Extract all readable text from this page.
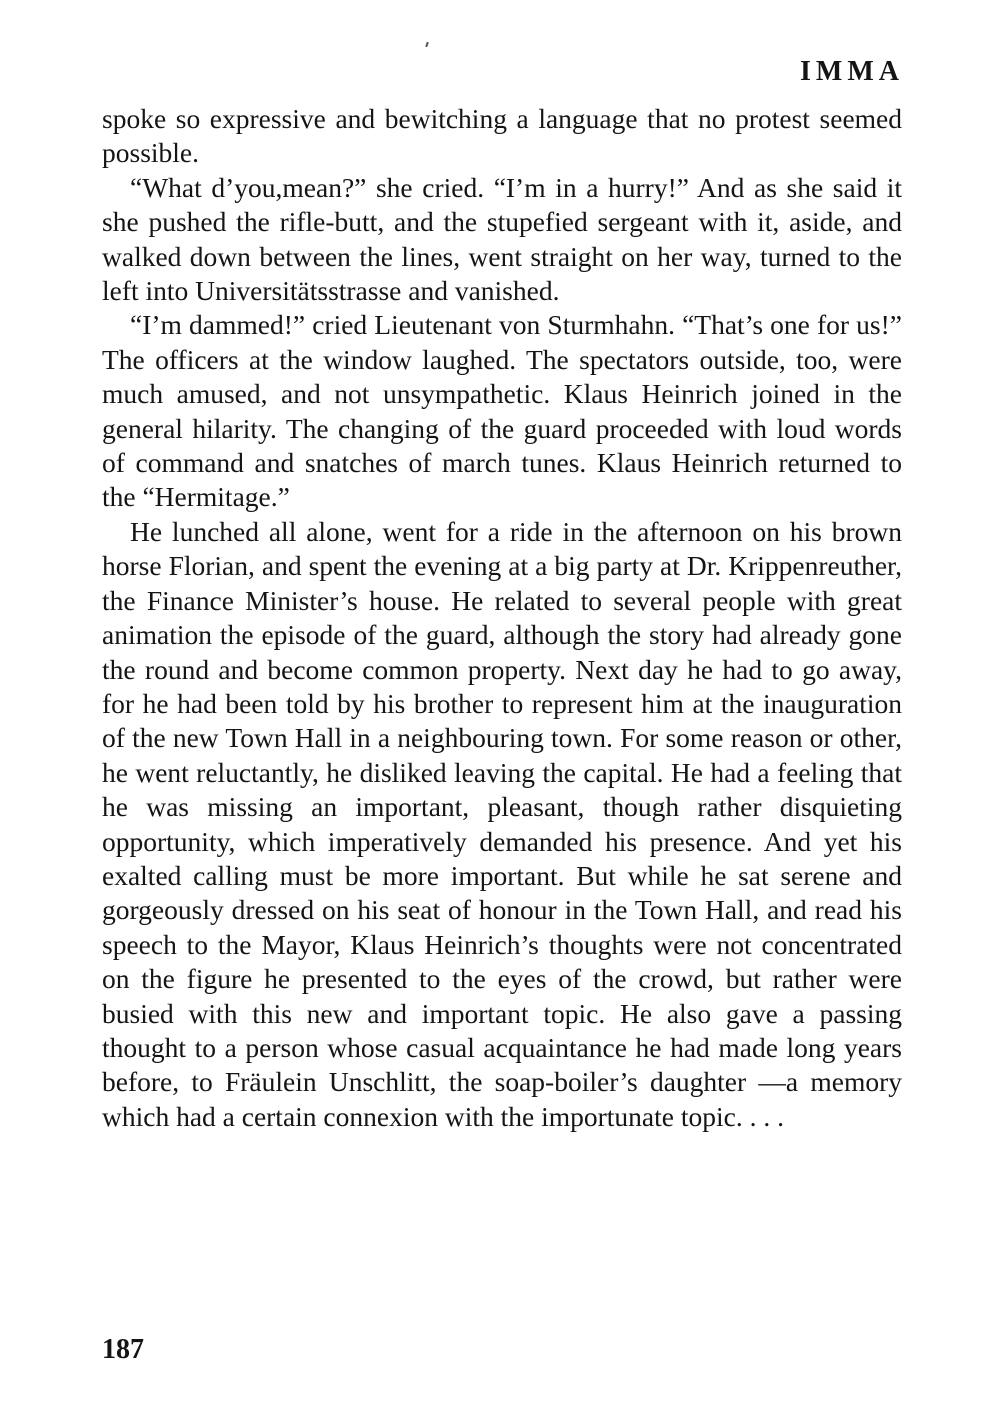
IMMA

spoke so expressive and bewitching a language that no protest seemed possible.

“What d’you,mean?” she cried. “I’m in a hurry!” And as she said it she pushed the rifle-butt, and the stupefied sergeant with it, aside, and walked down between the lines, went straight on her way, turned to the left into Universitätsstrasse and vanished.

“I’m dammed!” cried Lieutenant von Sturmhahn. “That’s one for us!” The officers at the window laughed. The spectators outside, too, were much amused, and not unsympathetic. Klaus Heinrich joined in the general hilarity. The changing of the guard proceeded with loud words of command and snatches of march tunes. Klaus Heinrich returned to the “Hermitage.”

He lunched all alone, went for a ride in the afternoon on his brown horse Florian, and spent the evening at a big party at Dr. Krippenreuther, the Finance Minister’s house. He related to several people with great animation the episode of the guard, although the story had already gone the round and become common property. Next day he had to go away, for he had been told by his brother to represent him at the inauguration of the new Town Hall in a neighbouring town. For some reason or other, he went reluctantly, he disliked leaving the capital. He had a feeling that he was missing an important, pleasant, though rather disquieting opportunity, which imperatively demanded his presence. And yet his exalted calling must be more important. But while he sat serene and gorgeously dressed on his seat of honour in the Town Hall, and read his speech to the Mayor, Klaus Heinrich’s thoughts were not concentrated on the figure he presented to the eyes of the crowd, but rather were busied with this new and important topic. He also gave a passing thought to a person whose casual acquaintance he had made long years before, to Fräulein Unschlitt, the soap-boiler’s daughter —a memory which had a certain connexion with the importunate topic. . . .

187
